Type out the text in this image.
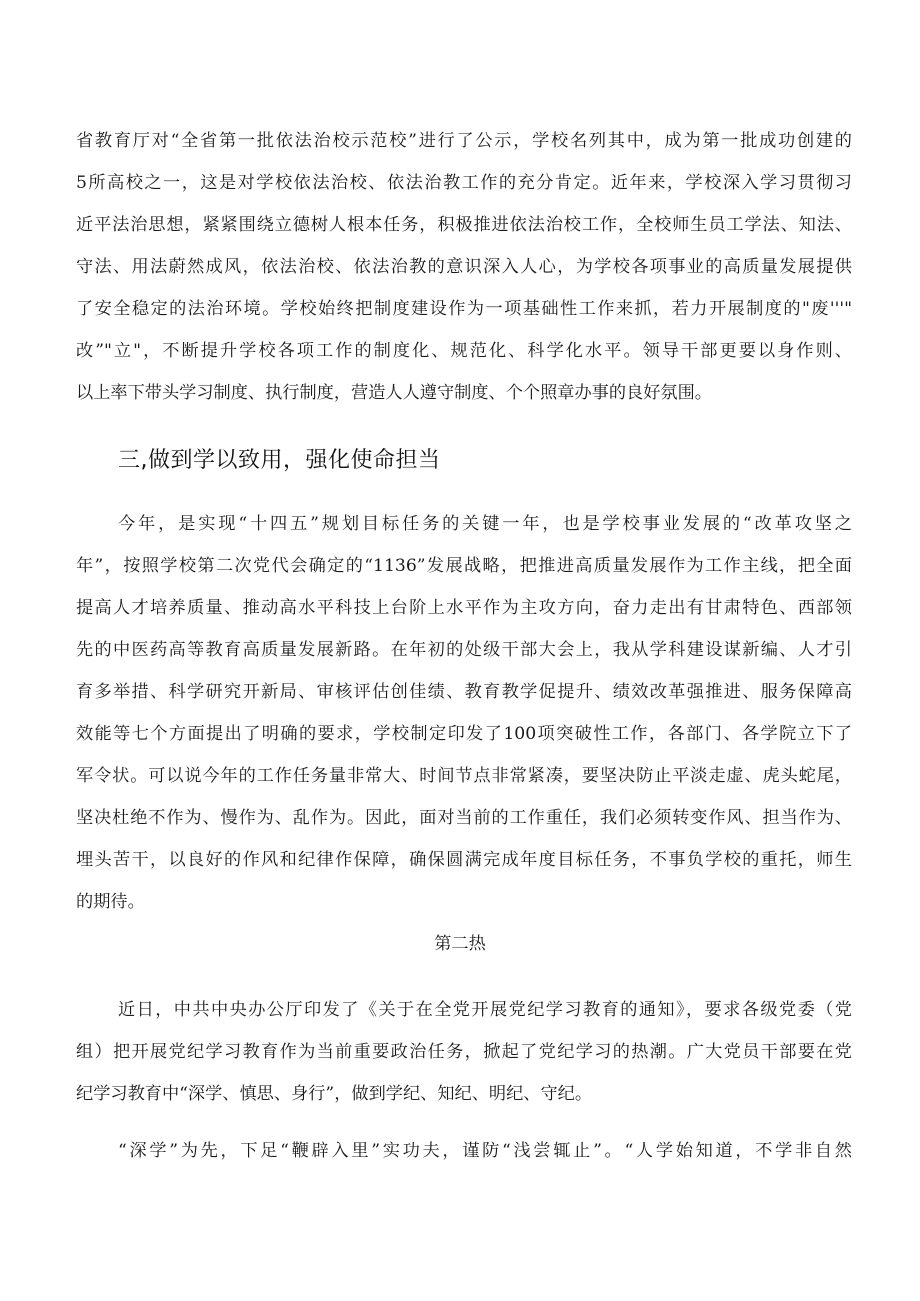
省教育厅对“全省第一批依法治校示范校”进行了公示，学校名列其中，成为第一批成功创建的
5所高校之一，这是对学校依法治校、依法治教工作的充分肯定。近年来，学校深入学习贯彻习
近平法治思想，紧紧围绕立德树人根本任务，积极推进依法治校工作，全校师生员工学法、知法、
守法、用法蔚然成风，依法治校、依法治教的意识深入人心，为学校各项事业的高质量发展提供
了安全稳定的法治环境。学校始终把制度建设作为一项基础性工作来抓，若力开展制度的"废'''"
改”"立"，不断提升学校各项工作的制度化、规范化、科学化水平。领导干部更要以身作则、
以上率下带头学习制度、执行制度，营造人人遵守制度、个个照章办事的良好氛围。
三,做到学以致用，强化使命担当
今年，是实现“十四五”规划目标任务的关键一年，也是学校事业发展的“改革攻坚之
年”，按照学校第二次党代会确定的“1136”发展战略，把推进高质量发展作为工作主线，把全面
提高人才培养质量、推动高水平科技上台阶上水平作为主攻方向，奋力走出有甘肃特色、西部领
先的中医药高等教育高质量发展新路。在年初的处级干部大会上，我从学科建设谋新编、人才引
育多举措、科学研究开新局、审核评估创佳绩、教育教学促提升、绩效改革强推进、服务保障高
效能等七个方面提出了明确的要求，学校制定印发了100项突破性工作，各部门、各学院立下了
军令状。可以说今年的工作任务量非常大、时间节点非常紧凑，要坚决防止平淡走虚、虎头蛇尾，
坚决杜绝不作为、慢作为、乱作为。因此，面对当前的工作重任，我们必须转变作风、担当作为、
埋头苦干，以良好的作风和纪律作保障，确保圆满完成年度目标任务，不事负学校的重托，师生
的期待。
第二热
近日，中共中央办公厅印发了《关于在全党开展党纪学习教育的通知》，要求各级党委（党
组）把开展党纪学习教育作为当前重要政治任务，掀起了党纪学习的热潮。广大党员干部要在党
纪学习教育中“深学、慎思、身行”，做到学纪、知纪、明纪、守纪。
“深学”为先，下足“鞭辟入里”实功夫，谨防“浅尝辄止”。“人学始知道，不学非自然
